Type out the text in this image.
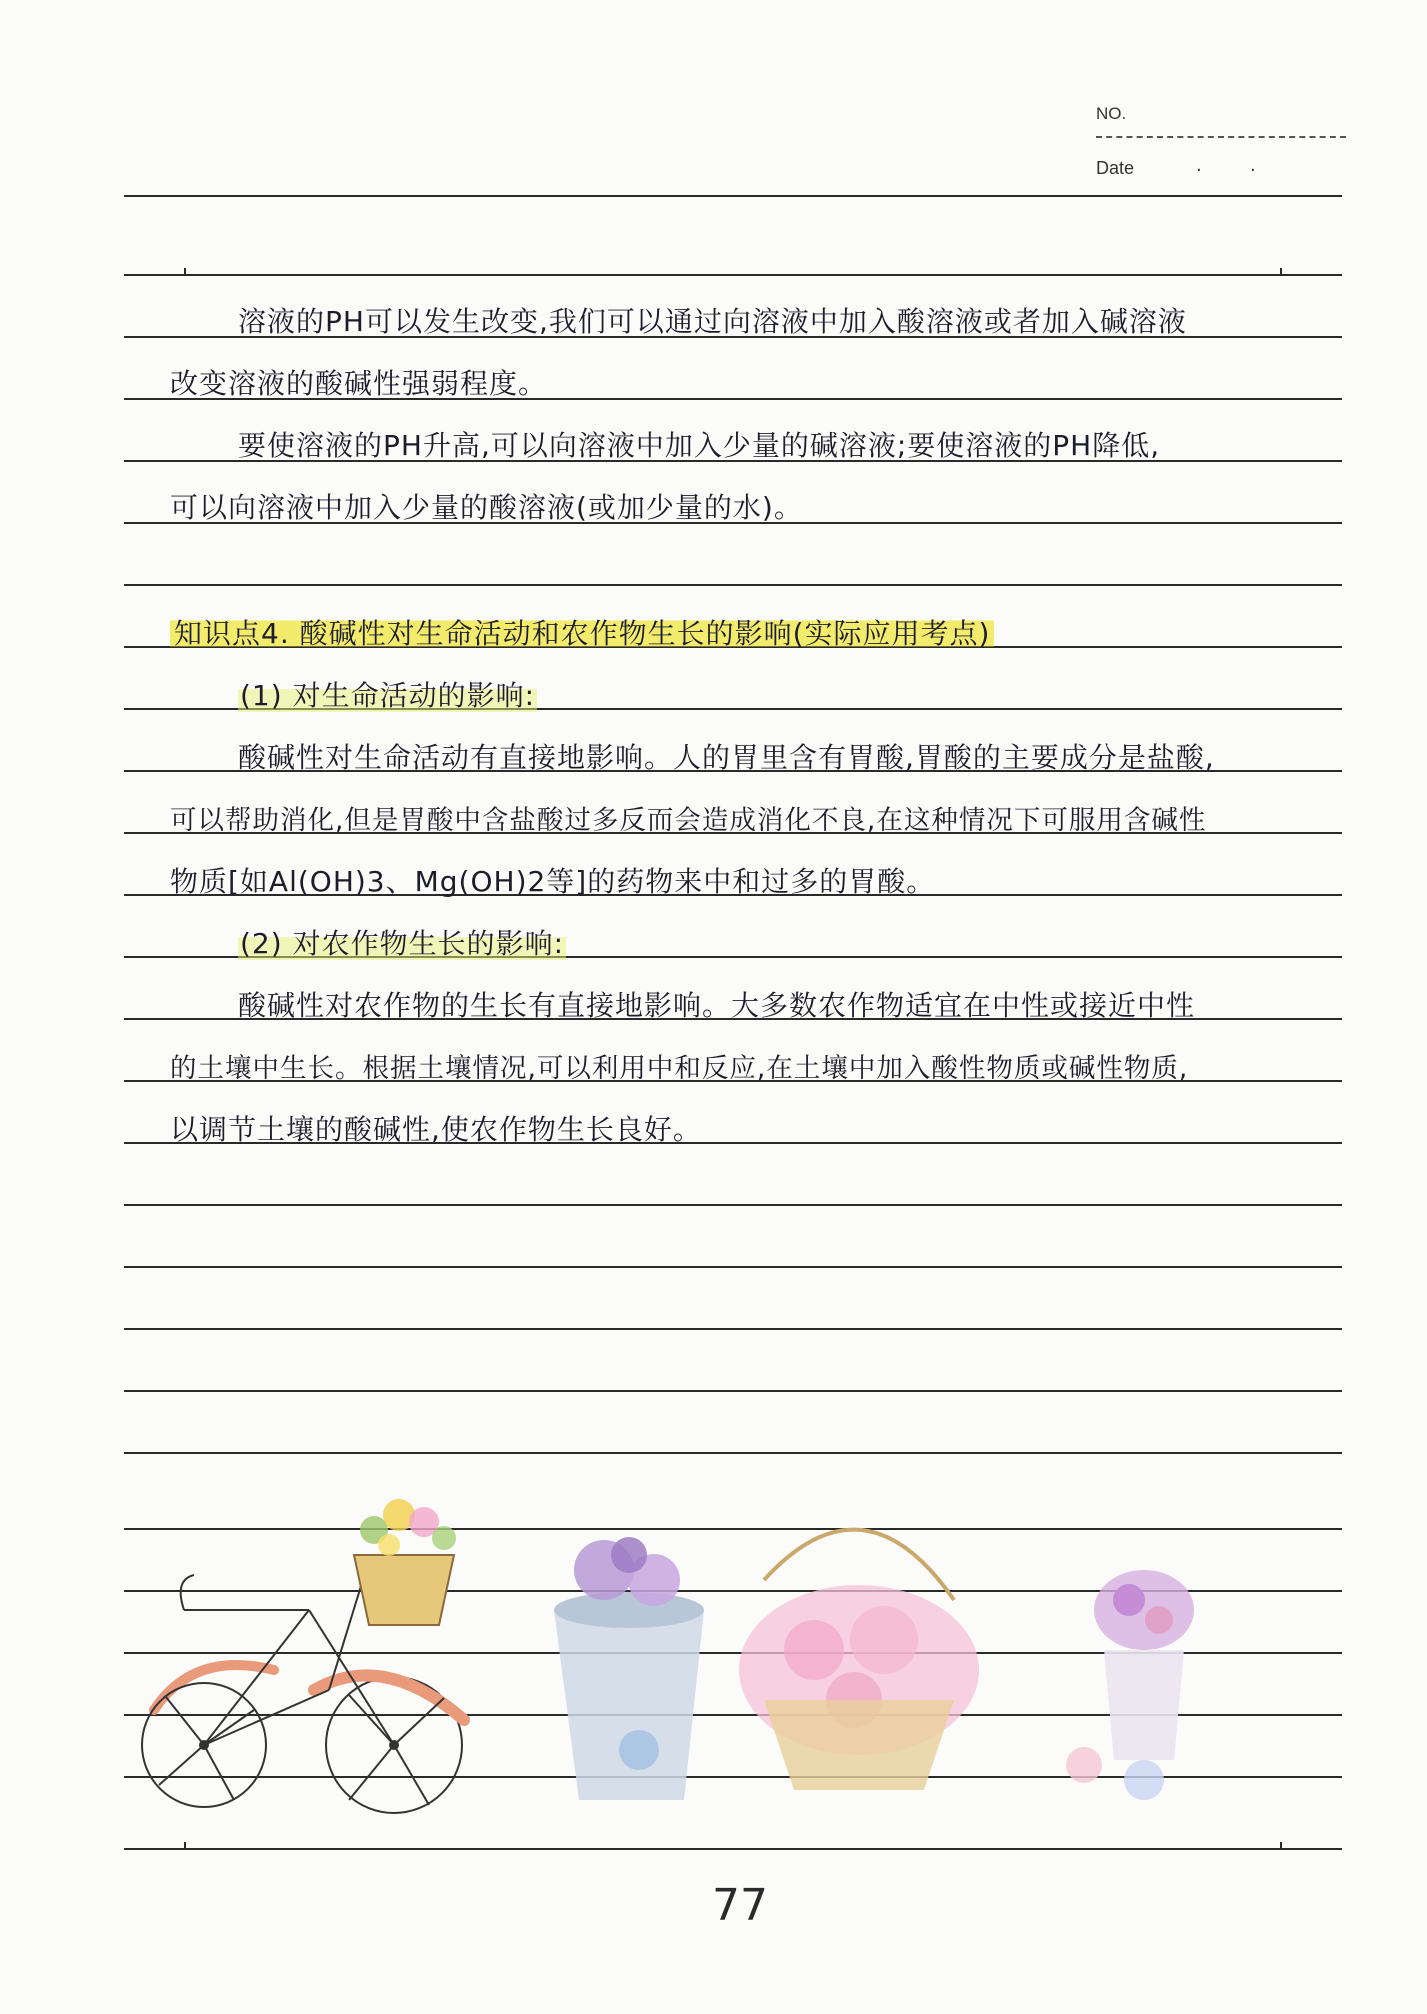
NO.
Date	·	·
溶液的PH可以发生改变,我们可以通过向溶液中加入酸溶液或者加入碱溶液
改变溶液的酸碱性强弱程度。
要使溶液的PH升高,可以向溶液中加入少量的碱溶液;要使溶液的PH降低,
可以向溶液中加入少量的酸溶液(或加少量的水)。
知识点4. 酸碱性对生命活动和农作物生长的影响(实际应用考点)
(1) 对生命活动的影响:
酸碱性对生命活动有直接地影响。人的胃里含有胃酸,胃酸的主要成分是盐酸,
可以帮助消化,但是胃酸中含盐酸过多反而会造成消化不良,在这种情况下可服用含碱性
物质[如Al(OH)3、Mg(OH)2等]的药物来中和过多的胃酸。
(2) 对农作物生长的影响:
酸碱性对农作物的生长有直接地影响。大多数农作物适宜在中性或接近中性
的土壤中生长。根据土壤情况,可以利用中和反应,在土壤中加入酸性物质或碱性物质,
以调节土壤的酸碱性,使农作物生长良好。
77
